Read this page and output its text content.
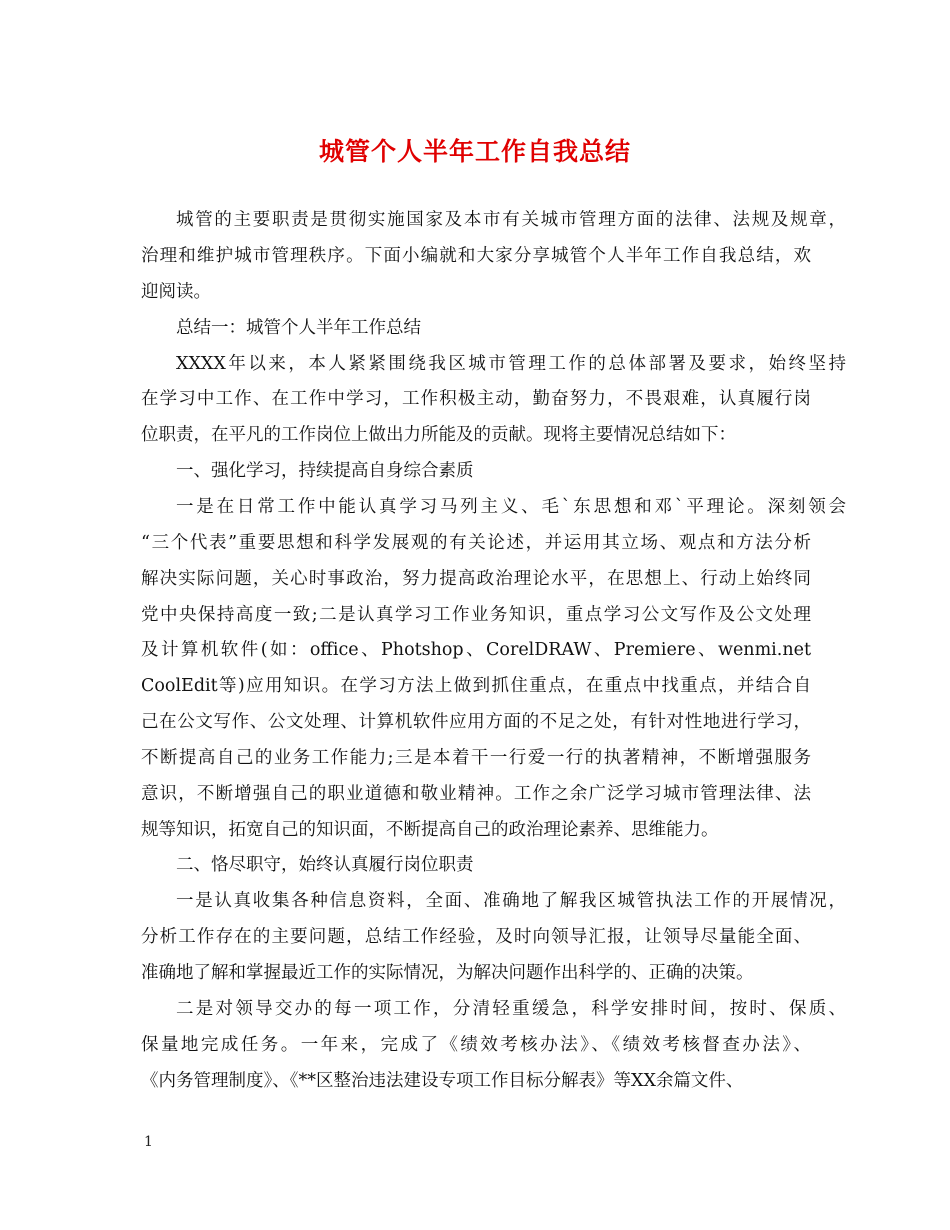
城管个人半年工作自我总结
城管的主要职责是贯彻实施国家及本市有关城市管理方面的法律、法规及规章，
治理和维护城市管理秩序。下面小编就和大家分享城管个人半年工作自我总结，欢
迎阅读。
总结一：城管个人半年工作总结
XXXX年以来，本人紧紧围绕我区城市管理工作的总体部署及要求，始终坚持
在学习中工作、在工作中学习，工作积极主动，勤奋努力，不畏艰难，认真履行岗
位职责，在平凡的工作岗位上做出力所能及的贡献。现将主要情况总结如下：
一、强化学习，持续提高自身综合素质
一是在日常工作中能认真学习马列主义、毛`东思想和邓`平理论。深刻领会
“三个代表”重要思想和科学发展观的有关论述，并运用其立场、观点和方法分析
解决实际问题，关心时事政治，努力提高政治理论水平，在思想上、行动上始终同
党中央保持高度一致;二是认真学习工作业务知识，重点学习公文写作及公文处理
及计算机软件(如：office、Photshop、CorelDRAW、Premiere、wenmi.net
CoolEdit等)应用知识。在学习方法上做到抓住重点，在重点中找重点，并结合自
己在公文写作、公文处理、计算机软件应用方面的不足之处，有针对性地进行学习，
不断提高自己的业务工作能力;三是本着干一行爱一行的执著精神，不断增强服务
意识，不断增强自己的职业道德和敬业精神。工作之余广泛学习城市管理法律、法
规等知识，拓宽自己的知识面，不断提高自己的政治理论素养、思维能力。
二、恪尽职守，始终认真履行岗位职责
一是认真收集各种信息资料，全面、准确地了解我区城管执法工作的开展情况，
分析工作存在的主要问题，总结工作经验，及时向领导汇报，让领导尽量能全面、
准确地了解和掌握最近工作的实际情况，为解决问题作出科学的、正确的决策。
二是对领导交办的每一项工作，分清轻重缓急，科学安排时间，按时、保质、
保量地完成任务。一年来，完成了《绩效考核办法》、《绩效考核督查办法》、
《内务管理制度》、《**区整治违法建设专项工作目标分解表》等XX余篇文件、
1
